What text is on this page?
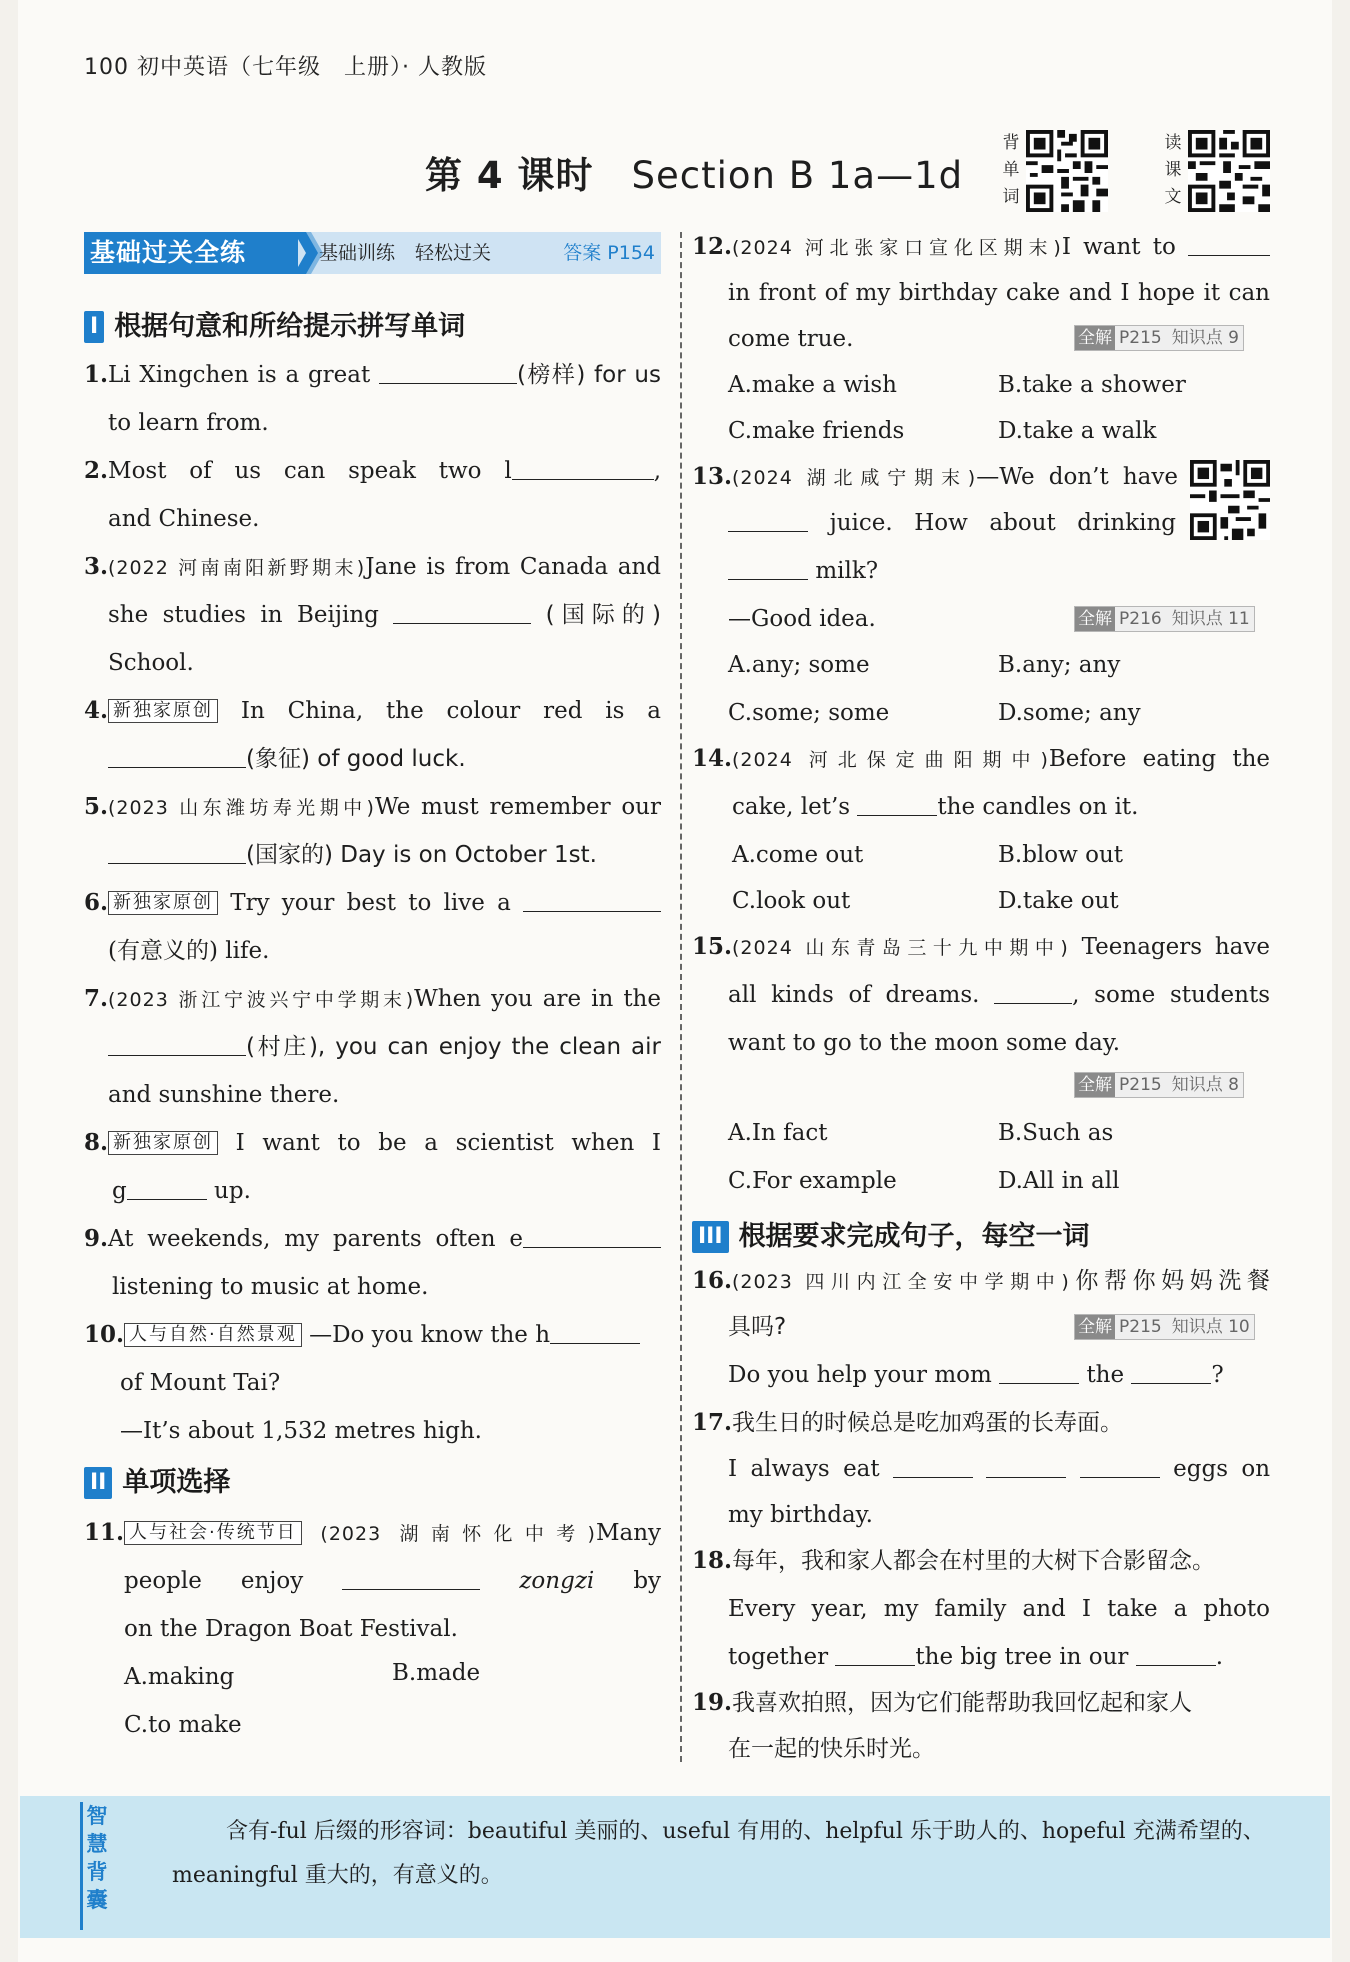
100 初中英语（七年级　上册）· 人教版
第 4 课时 Section B 1a—1d
背
单
词
读
课
文
基础过关全练	基础训练 轻松过关	答案 P154
I 根据句意和所给提示拼写单词
1.Li Xingchen is a great	(榜样) for us
to learn from.
2.Most of us can speak two l	,
and Chinese.
3.(2022 河南南阳新野期末)Jane is from Canada and
she studies in Beijing	(国际的)
School.
4. 新独家原创 In China, the colour red is a
(象征) of good luck.
5.(2023 山东潍坊寿光期中)We must remember our
(国家的) Day is on October 1st.
6. 新独家原创 Try your best to live a
(有意义的) life.
7.(2023 浙江宁波兴宁中学期末)When you are in the
(村庄), you can enjoy the clean air
and sunshine there.
8. 新独家原创 I want to be a scientist when I
g	up.
9.At weekends, my parents often e
listening to music at home.
10. 人与自然·自然景观 —Do you know the h
of Mount Tai?
—It’s about 1,532 metres high.
II 单项选择
11. 人与社会·传统节日 (2023 湖南怀化中考)Many
people enjoy	zongzi by
on the Dragon Boat Festival.
A.making	B.made
C.to make
12.(2024 河北张家口宣化区期末)I want to
in front of my birthday cake and I hope it can
come true.	全解 P215 知识点 9
A.make a wish	B.take a shower
C.make friends	D.take a walk
13.(2024 湖北咸宁期末)—We don’t have
juice. How about drinking
milk?
—Good idea.	全解 P216 知识点 11
A.any; some	B.any; any
C.some; some	D.some; any
14.(2024 河北保定曲阳期中)Before eating the
cake, let’s	the candles on it.
A.come out	B.blow out
C.look out	D.take out
15.(2024 山东青岛三十九中期中) Teenagers have
all kinds of dreams.	, some students
want to go to the moon some day.
全解 P215 知识点 8
A.In fact	B.Such as
C.For example	D.All in all
III 根据要求完成句子，每空一词
16.(2023 四川内江全安中学期中)你帮你妈妈洗餐
具吗?	全解 P215 知识点 10
Do you help your mom	the	?
17.我生日的时候总是吃加鸡蛋的长寿面。
I always eat	eggs on
my birthday.
18.每年，我和家人都会在村里的大树下合影留念。
Every year, my family and I take a photo
together	the big tree in our	.
19.我喜欢拍照，因为它们能帮助我回忆起和家人
在一起的快乐时光。
智
慧
背
囊
含有-ful 后缀的形容词：beautiful 美丽的、useful 有用的、helpful 乐于助人的、hopeful 充满希望的、
meaningful 重大的，有意义的。
